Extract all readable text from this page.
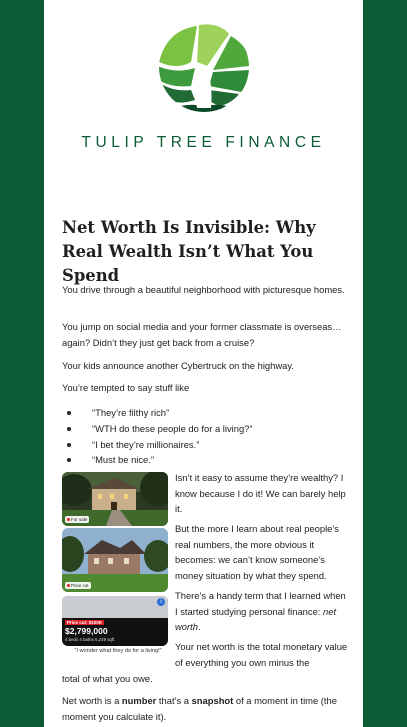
TULIP TREE FINANCE
Net Worth Is Invisible: Why Real Wealth Isn’t What You Spend

You drive through a beautiful neighborhood with picturesque homes.

You jump on social media and your former classmate is overseas… again? Didn’t they just get back from a cruise?

Your kids announce another Cybertruck on the highway.

You’re tempted to say stuff like

“They’re filthy rich”
“WTH do these people do for a living?”
“I bet they’re millionaires.”
“Must be nice.”
For sale
Price cut
i
Price cut: $100K
$2,799,000
4 beds 4 baths 6,249 sqft
"I wonder what they do for a living!"

Isn’t it easy to assume they’re wealthy? I know because I do it! We can barely help it.

But the more I learn about real people’s real numbers, the more obvious it becomes: we can’t know someone’s money situation by what they spend.

There’s a handy term that I learned when I started studying personal finance: net worth.

Your net worth is the total monetary value of everything you own minus the

total of what you owe.

Net worth is a number that’s a snapshot of a moment in time (the moment you calculate it).
